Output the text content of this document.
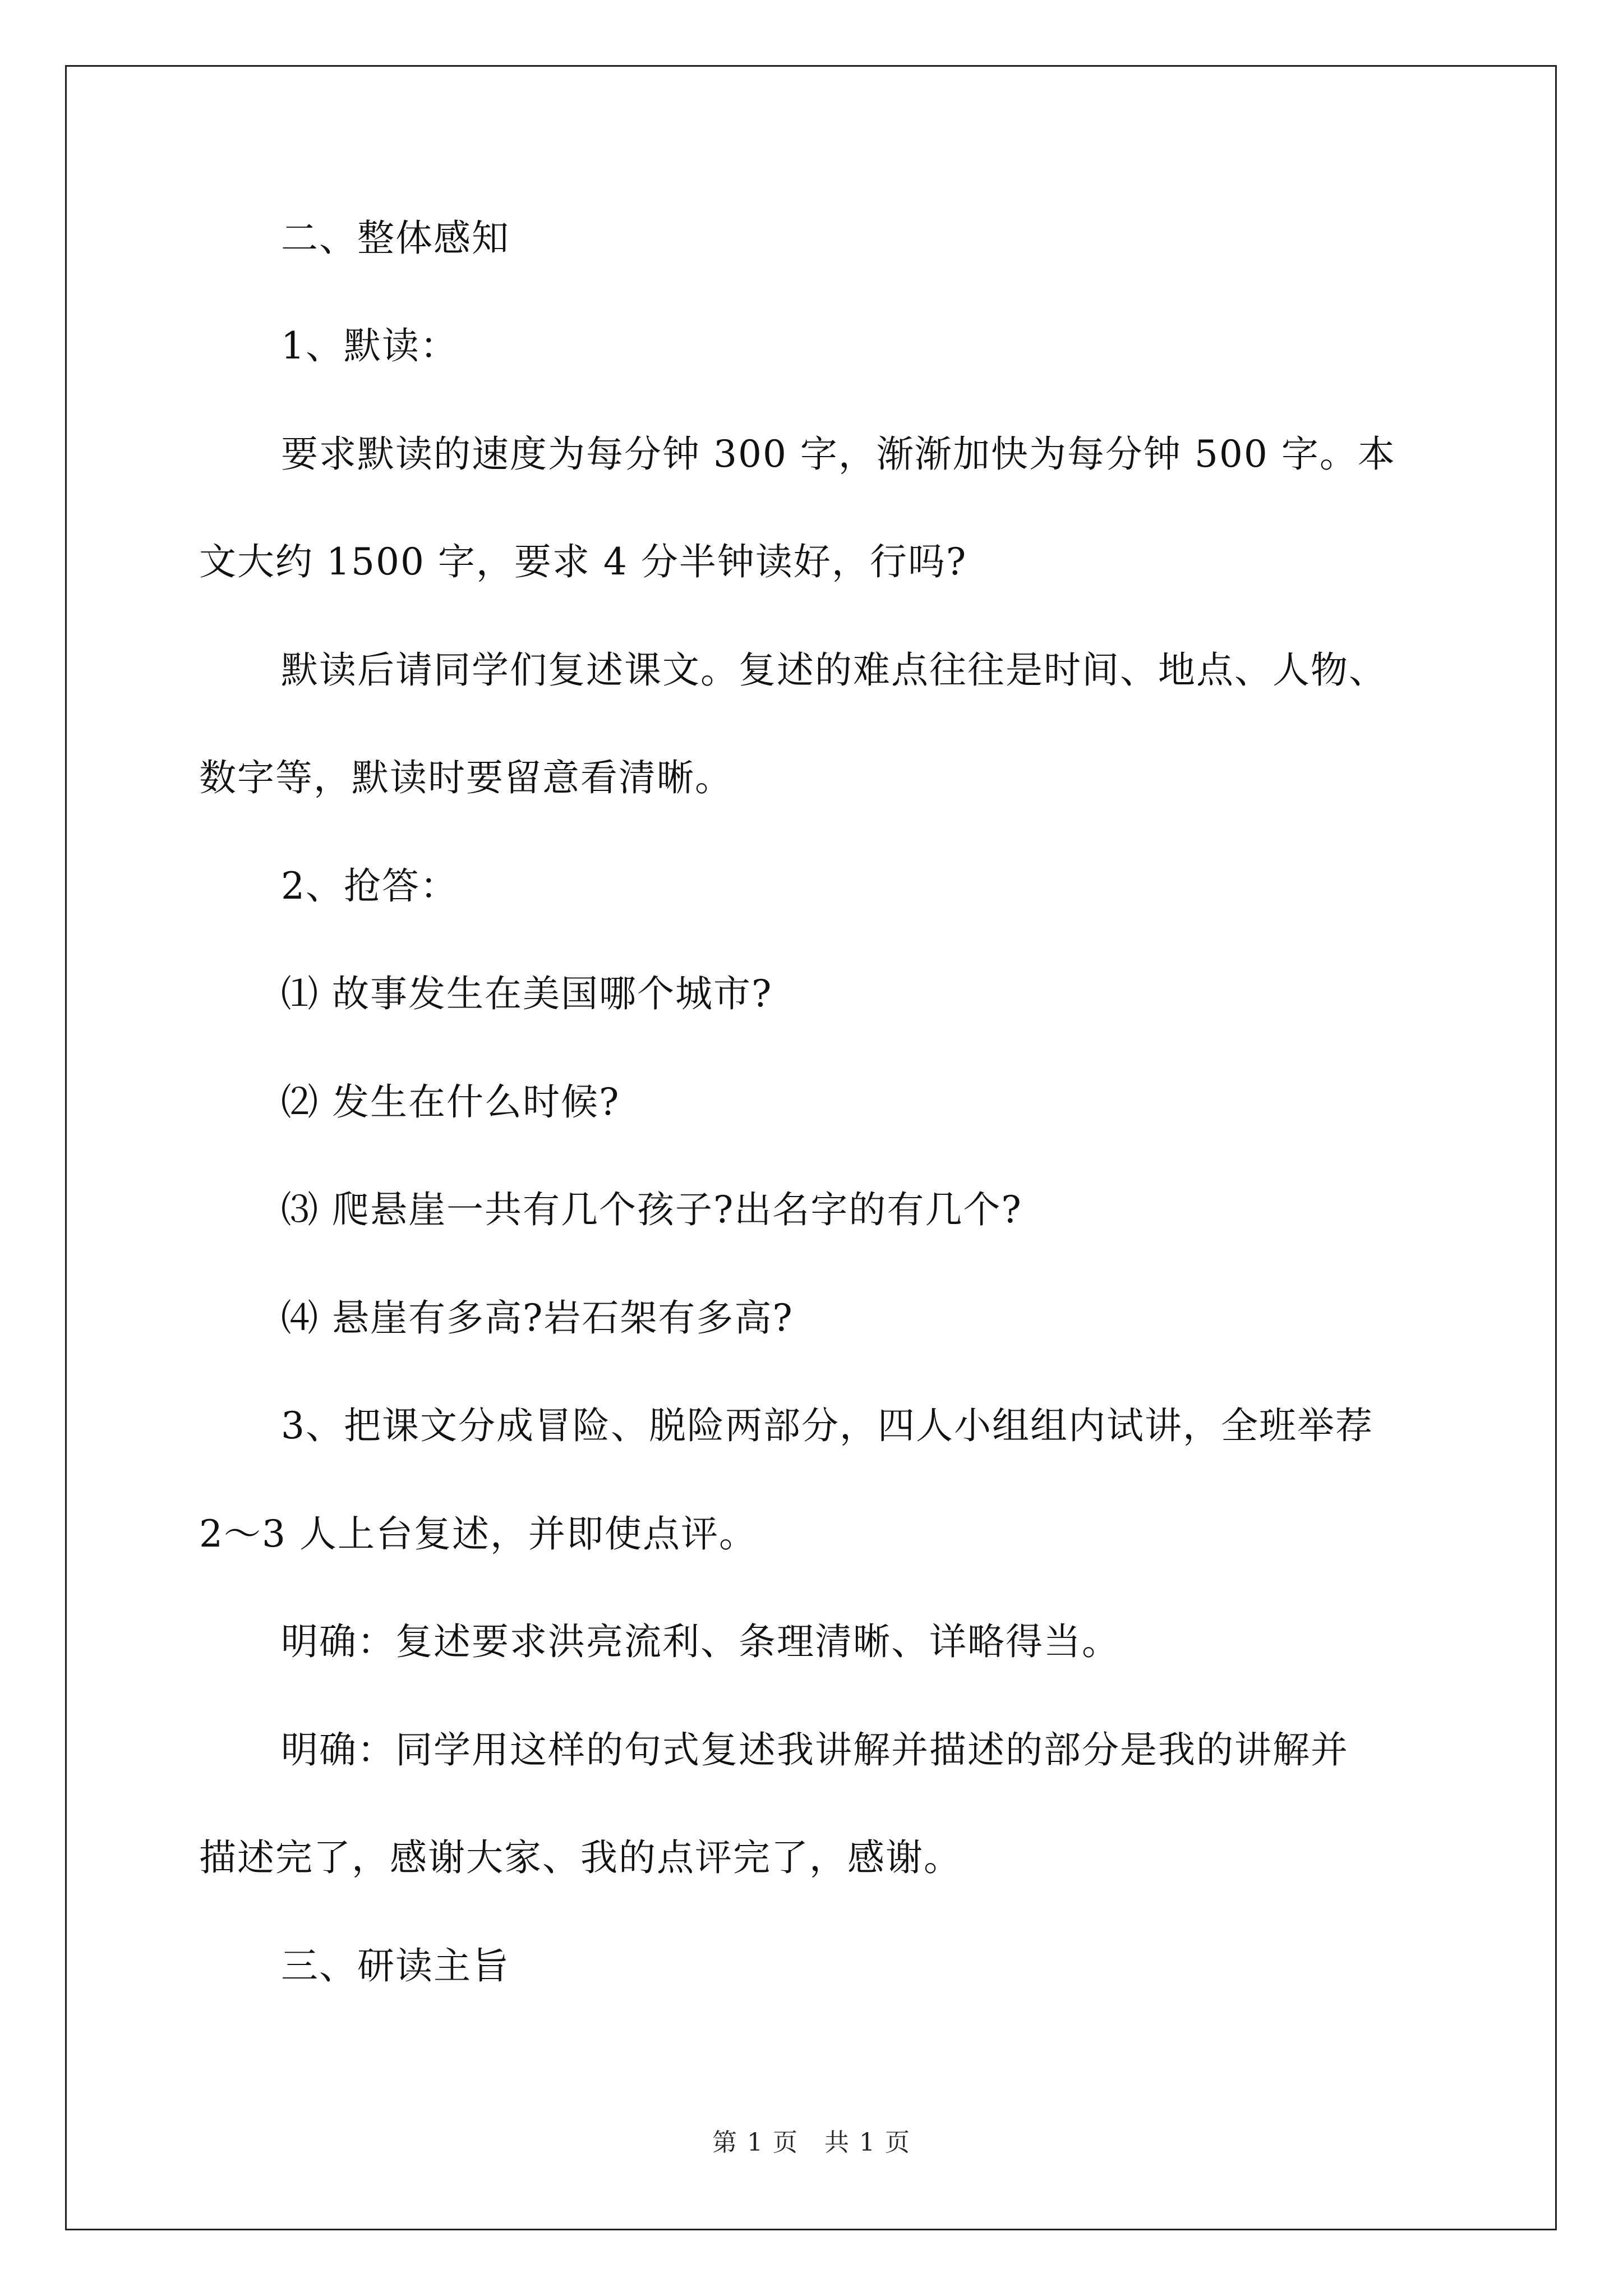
二、整体感知
1、默读：
要求默读的速度为每分钟 300 字，渐渐加快为每分钟 500 字。本
文大约 1500 字，要求 4 分半钟读好，行吗?
默读后请同学们复述课文。复述的难点往往是时间、地点、人物、
数字等，默读时要留意看清晰。
2、抢答：
⑴ 故事发生在美国哪个城市?
⑵ 发生在什么时候?
⑶ 爬悬崖一共有几个孩子?出名字的有几个?
⑷ 悬崖有多高?岩石架有多高?
3、把课文分成冒险、脱险两部分，四人小组组内试讲，全班举荐
2～3 人上台复述，并即使点评。
明确：复述要求洪亮流利、条理清晰、详略得当。
明确：同学用这样的句式复述我讲解并描述的部分是我的讲解并
描述完了，感谢大家、我的点评完了，感谢。
三、研读主旨
第 1 页　共 1 页
